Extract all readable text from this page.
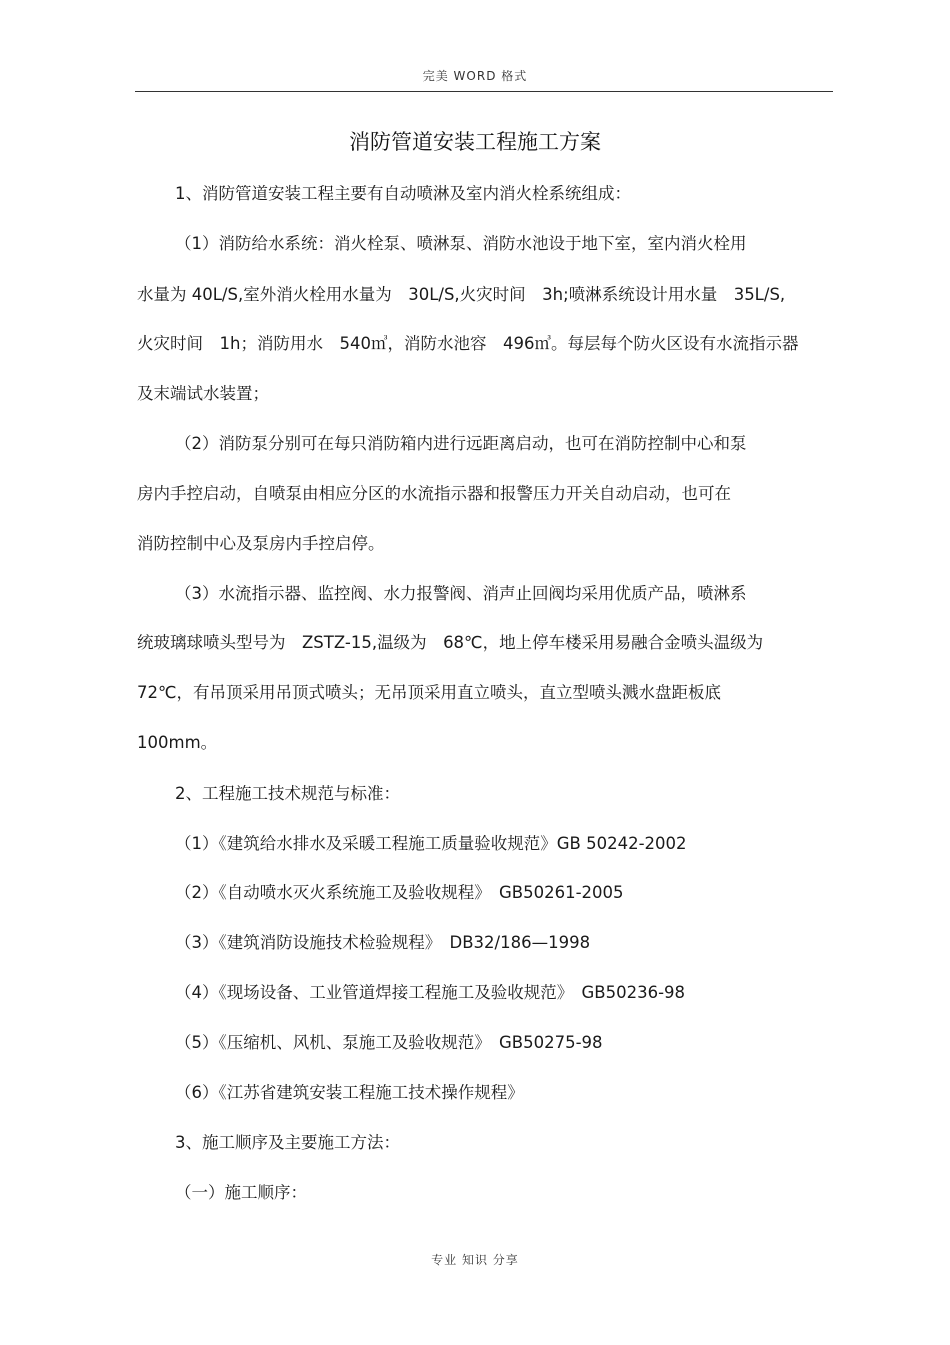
完美 WORD 格式
消防管道安装工程施工方案
1、消防管道安装工程主要有自动喷淋及室内消火栓系统组成：
（1）消防给水系统：消火栓泵、喷淋泵、消防水池设于地下室，室内消火栓用
水量为 40L/S,室外消火栓用水量为　30L/S,火灾时间　3h;喷淋系统设计用水量　35L/S,
火灾时间　1h；消防用水　540㎥，消防水池容　496㎥。每层每个防火区设有水流指示器
及末端试水装置；
（2）消防泵分别可在每只消防箱内进行远距离启动，也可在消防控制中心和泵
房内手控启动，自喷泵由相应分区的水流指示器和报警压力开关自动启动，也可在
消防控制中心及泵房内手控启停。
（3）水流指示器、监控阀、水力报警阀、消声止回阀均采用优质产品，喷淋系
统玻璃球喷头型号为　ZSTZ-15,温级为　68℃，地上停车楼采用易融合金喷头温级为
72℃，有吊顶采用吊顶式喷头；无吊顶采用直立喷头，直立型喷头溅水盘距板底
100mm。
2、工程施工技术规范与标准：
（1）《建筑给水排水及采暖工程施工质量验收规范》GB 50242-2002
（2）《自动喷水灭火系统施工及验收规程》　GB50261-2005
（3）《建筑消防设施技术检验规程》　DB32/186—1998
（4）《现场设备、工业管道焊接工程施工及验收规范》　GB50236-98
（5）《压缩机、风机、泵施工及验收规范》　GB50275-98
（6）《江苏省建筑安装工程施工技术操作规程》
3、施工顺序及主要施工方法：
（一）施工顺序：
专业 知识 分享
